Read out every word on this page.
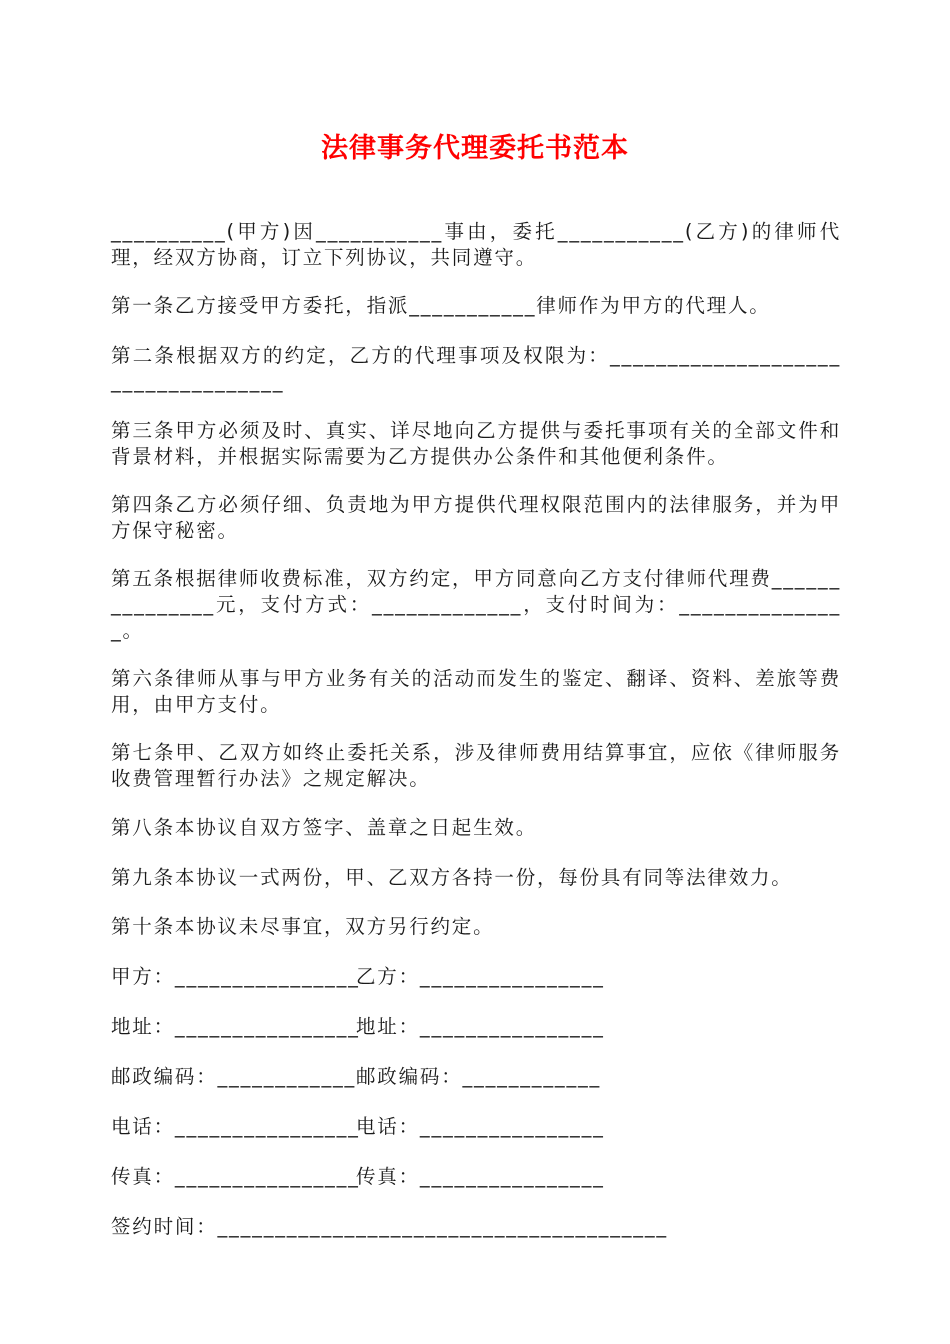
法律事务代理委托书范本
__________(甲方)因___________事由，委托___________(乙方)的律师代理，经双方协商，订立下列协议，共同遵守。
第一条乙方接受甲方委托，指派___________律师作为甲方的代理人。
第二条根据双方的约定，乙方的代理事项及权限为：___________________________________
第三条甲方必须及时、真实、详尽地向乙方提供与委托事项有关的全部文件和背景材料，并根据实际需要为乙方提供办公条件和其他便利条件。
第四条乙方必须仔细、负责地为甲方提供代理权限范围内的法律服务，并为甲方保守秘密。
第五条根据律师收费标准，双方约定，甲方同意向乙方支付律师代理费_______________元，支付方式：_____________，支付时间为：_______________。
第六条律师从事与甲方业务有关的活动而发生的鉴定、翻译、资料、差旅等费用，由甲方支付。
第七条甲、乙双方如终止委托关系，涉及律师费用结算事宜，应依《律师服务收费管理暂行办法》之规定解决。
第八条本协议自双方签字、盖章之日起生效。
第九条本协议一式两份，甲、乙双方各持一份，每份具有同等法律效力。
第十条本协议未尽事宜，双方另行约定。
甲方：________________
乙方：________________
地址：________________
地址：________________
邮政编码：____________ 邮政编码：____________
电话：________________
电话：________________
传真：________________
传真：________________
签约时间：_______________________________________
